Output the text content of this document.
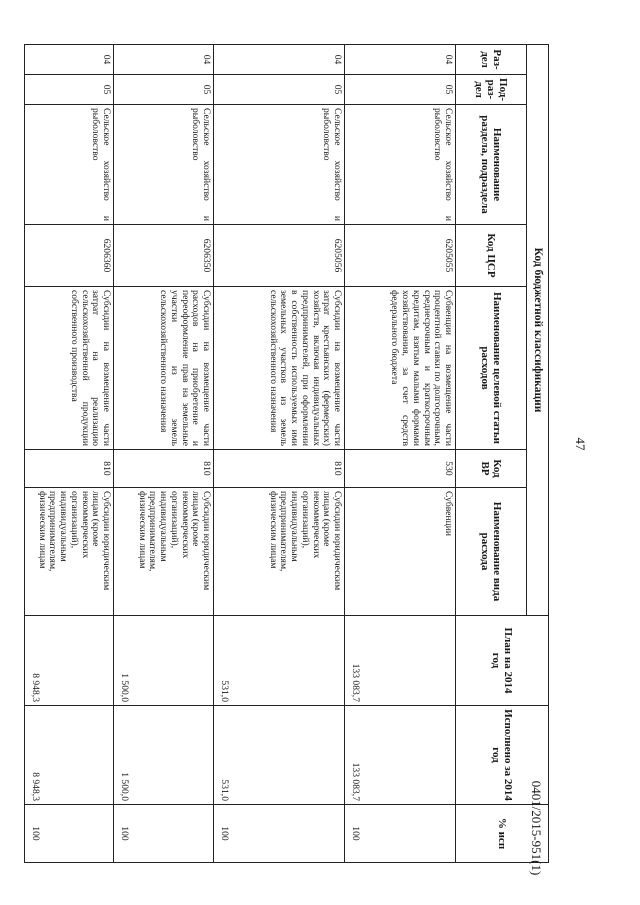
47
0401/2015-951(1)
Код бюджетной классификации							План на 2014 год	Исполнено за 2014 год	% исп
Раз-дел	Под-раз-дел	Наименование раздела, подраздела	Код ЦСР	Наименование целевой статьи расходов	Код ВР	Наименование вида расхода			
04	05	Сельское хозяйство и рыболовство	6205055	Субвенции на возмещение части процентной ставки по долгосрочным, среднесрочным и краткосрочным кредитам, взятым малыми формами хозяйствования, за счет средств федерального бюджета	530	Субвенции	133 083,7	133 083,7	100
04	05	Сельское хозяйство и рыболовство	6205056	Субсидии на возмещение части затрат крестьянских (фермерских) хозяйств, включая индивидуальных предпринимателей, при оформлении в собственность используемых ими земельных участков из земель сельскохозяйственного назначения	810	Субсидии юридическим лицам (кроме некоммерческих организаций), индивидуальным предпринимателям, физическим лицам	531,0	531,0	100
04	05	Сельское хозяйство и рыболовство	6206350	Субсидии на возмещение части расходов на приобретение и переоформление прав на земельные участки из земель сельскохозяйственного назначения	810	Субсидии юридическим лицам (кроме некоммерческих организаций), индивидуальным предпринимателям, физическим лицам	1 500,0	1 500,0	100
04	05	Сельское хозяйство и рыболовство	6206360	Субсидии на возмещение части затрат на реализацию сельскохозяйственной продукции собственного производства	810	Субсидии юридическим лицам (кроме некоммерческих организаций), индивидуальным предпринимателям, физическим лицам	8 948,3	8 948,3	100
